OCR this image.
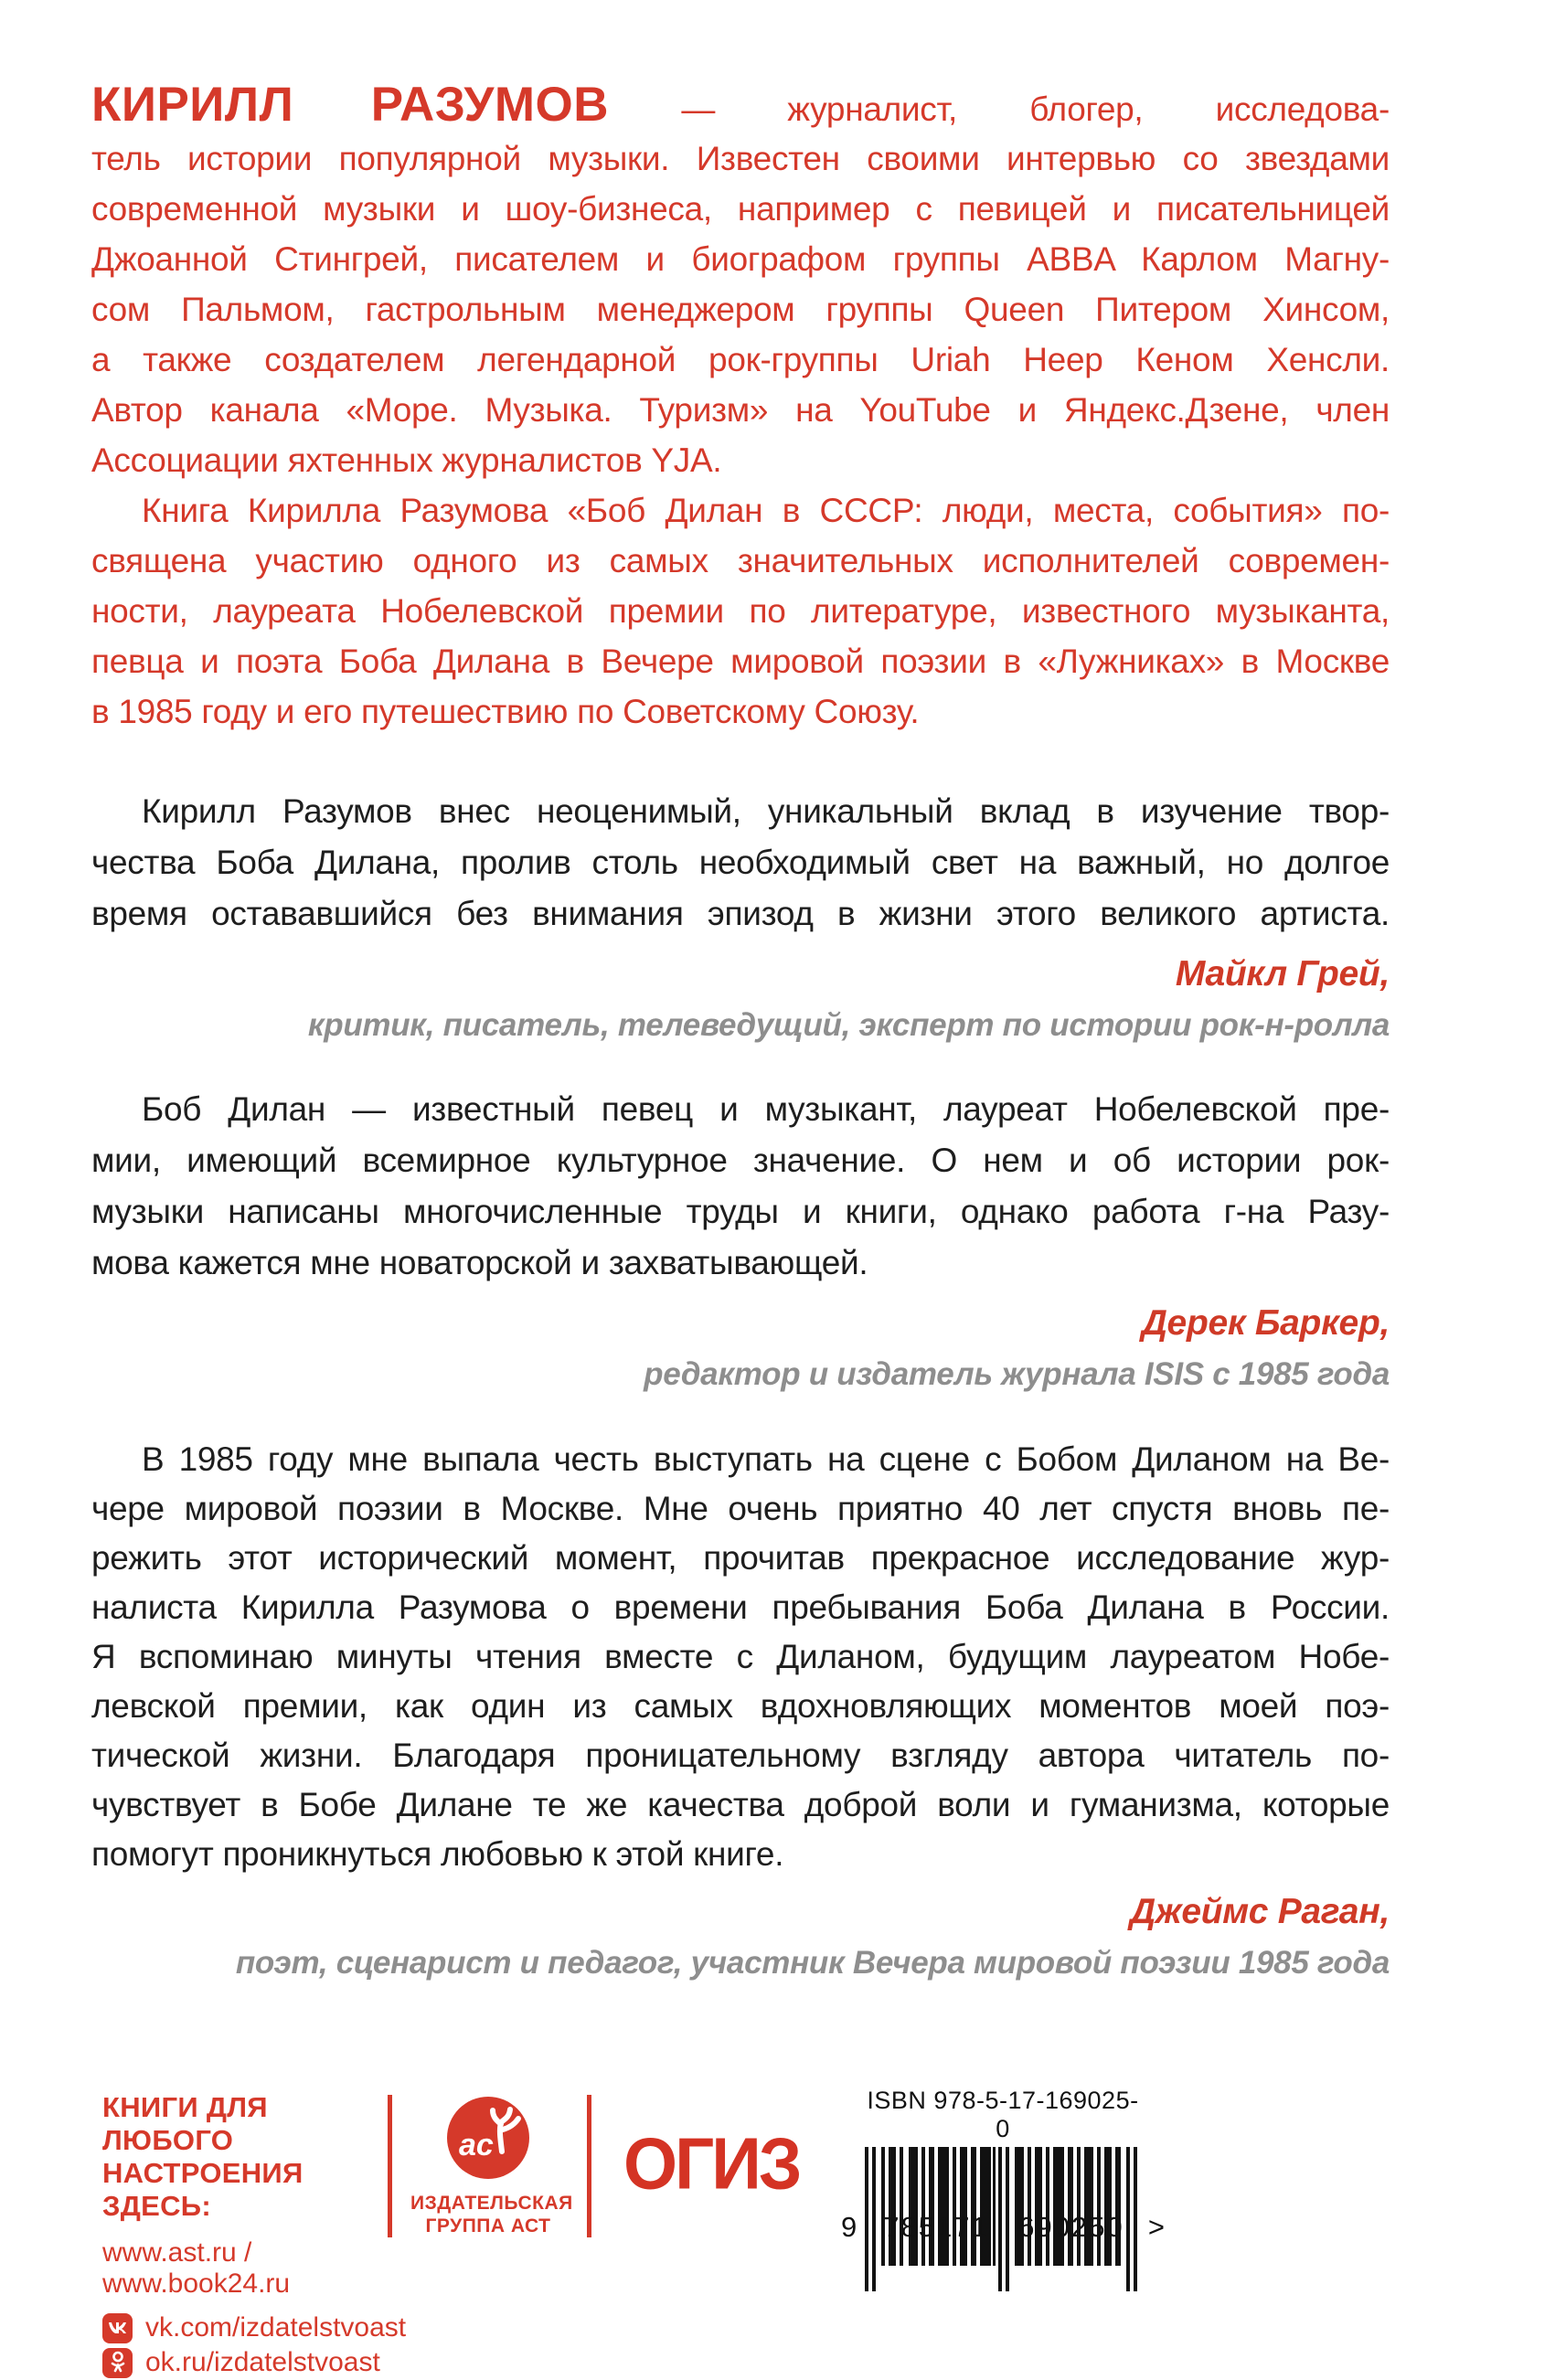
КИРИЛЛ РАЗУМОВ — журналист, блогер, исследова-
тель истории популярной музыки. Известен своими интервью со звездами
современной музыки и шоу-бизнеса, например с певицей и писательницей
Джоанной Стингрей, писателем и биографом группы ABBA Карлом Магну-
сом Пальмом, гастрольным менеджером группы Queen Питером Хинсом,
а также создателем легендарной рок-группы Uriah Heep Кеном Хенсли.
Автор канала «Море. Музыка. Туризм» на YouTube и Яндекс.Дзене, член
Ассоциации яхтенных журналистов YJA.
Книга Кирилла Разумова «Боб Дилан в СССР: люди, места, события» по-
священа участию одного из самых значительных исполнителей современ-
ности, лауреата Нобелевской премии по литературе, известного музыканта,
певца и поэта Боба Дилана в Вечере мировой поэзии в «Лужниках» в Москве
в 1985 году и его путешествию по Советскому Союзу.
Кирилл Разумов внес неоценимый, уникальный вклад в изучение твор-
чества Боба Дилана, пролив столь необходимый свет на важный, но долгое
время остававшийся без внимания эпизод в жизни этого великого артиста.
Майкл Грей,
критик, писатель, телеведущий, эксперт по истории рок-н-ролла
Боб Дилан — известный певец и музыкант, лауреат Нобелевской пре-
мии, имеющий всемирное культурное значение. О нем и об истории рок-
музыки написаны многочисленные труды и книги, однако работа г-на Разу-
мова кажется мне новаторской и захватывающей.
Дерек Баркер,
редактор и издатель журнала ISIS с 1985 года
В 1985 году мне выпала честь выступать на сцене с Бобом Диланом на Ве-
чере мировой поэзии в Москве. Мне очень приятно 40 лет спустя вновь пе-
режить этот исторический момент, прочитав прекрасное исследование жур-
налиста Кирилла Разумова о времени пребывания Боба Дилана в России.
Я вспоминаю минуты чтения вместе с Диланом, будущим лауреатом Нобе-
левской премии, как один из самых вдохновляющих моментов моей поэ-
тической жизни. Благодаря проницательному взгляду автора читатель по-
чувствует в Бобе Дилане те же качества доброй воли и гуманизма, которые
помогут проникнуться любовью к этой книге.
Джеймс Раган,
поэт, сценарист и педагог, участник Вечера мировой поэзии 1985 года
КНИГИ ДЛЯ ЛЮБОГО
НАСТРОЕНИЯ ЗДЕСЬ:
www.ast.ru / www.book24.ru
vk.com/izdatelstvoast
ok.ru/izdatelstvoast
ас
ИЗДАТЕЛЬСКАЯ
ГРУППА АСТ
ОГИЗ
ISBN 978-5-17-169025-0
9 785171	690250 >
